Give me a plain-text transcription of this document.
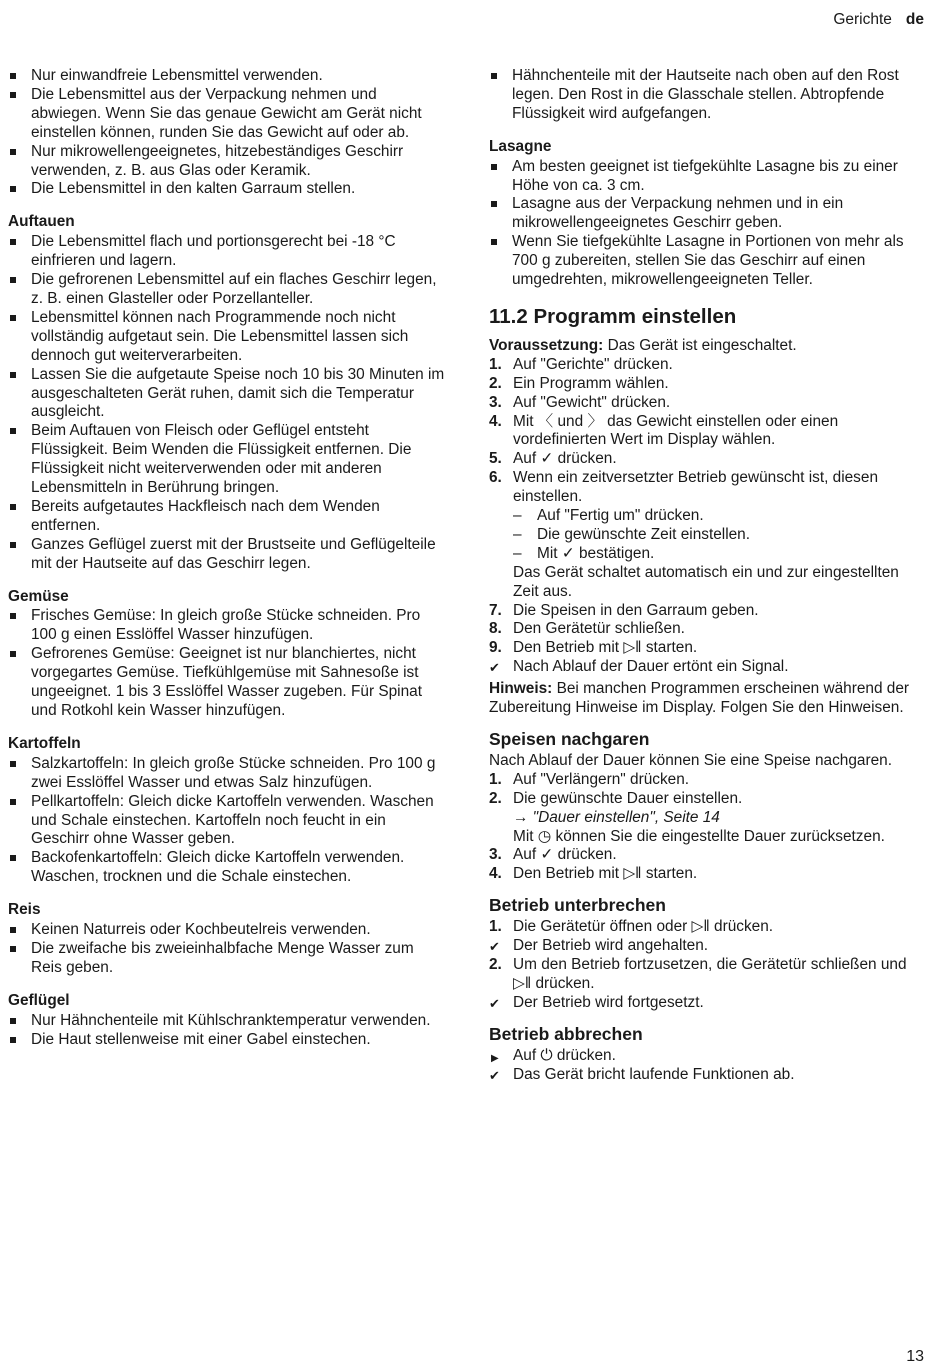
Gerichte de
Nur einwandfreie Lebensmittel verwenden.
Die Lebensmittel aus der Verpackung nehmen und abwiegen. Wenn Sie das genaue Gewicht am Gerät nicht einstellen können, runden Sie das Gewicht auf oder ab.
Nur mikrowellengeeignetes, hitzebeständiges Geschirr verwenden, z. B. aus Glas oder Keramik.
Die Lebensmittel in den kalten Garraum stellen.
Auftauen
Die Lebensmittel flach und portionsgerecht bei -18 °C einfrieren und lagern.
Die gefrorenen Lebensmittel auf ein flaches Geschirr legen, z. B. einen Glasteller oder Porzellanteller.
Lebensmittel können nach Programmende noch nicht vollständig aufgetaut sein. Die Lebensmittel lassen sich dennoch gut weiterverarbeiten.
Lassen Sie die aufgetaute Speise noch 10 bis 30 Minuten im ausgeschalteten Gerät ruhen, damit sich die Temperatur ausgleicht.
Beim Auftauen von Fleisch oder Geflügel entsteht Flüssigkeit. Beim Wenden die Flüssigkeit entfernen. Die Flüssigkeit nicht weiterverwenden oder mit anderen Lebensmitteln in Berührung bringen.
Bereits aufgetautes Hackfleisch nach dem Wenden entfernen.
Ganzes Geflügel zuerst mit der Brustseite und Geflügelteile mit der Hautseite auf das Geschirr legen.
Gemüse
Frisches Gemüse: In gleich große Stücke schneiden. Pro 100 g einen Esslöffel Wasser hinzufügen.
Gefrorenes Gemüse: Geeignet ist nur blanchiertes, nicht vorgegartes Gemüse. Tiefkühlgemüse mit Sahnesoße ist ungeeignet. 1 bis 3 Esslöffel Wasser zugeben. Für Spinat und Rotkohl kein Wasser hinzufügen.
Kartoffeln
Salzkartoffeln: In gleich große Stücke schneiden. Pro 100 g zwei Esslöffel Wasser und etwas Salz hinzufügen.
Pellkartoffeln: Gleich dicke Kartoffeln verwenden. Waschen und Schale einstechen. Kartoffeln noch feucht in ein Geschirr ohne Wasser geben.
Backofenkartoffeln: Gleich dicke Kartoffeln verwenden. Waschen, trocknen und die Schale einstechen.
Reis
Keinen Naturreis oder Kochbeutelreis verwenden.
Die zweifache bis zweieinhalbfache Menge Wasser zum Reis geben.
Geflügel
Nur Hähnchenteile mit Kühlschranktemperatur verwenden.
Die Haut stellenweise mit einer Gabel einstechen.
Hähnchenteile mit der Hautseite nach oben auf den Rost legen. Den Rost in die Glasschale stellen. Abtropfende Flüssigkeit wird aufgefangen.
Lasagne
Am besten geeignet ist tiefgekühlte Lasagne bis zu einer Höhe von ca. 3 cm.
Lasagne aus der Verpackung nehmen und in ein mikrowellengeeignetes Geschirr geben.
Wenn Sie tiefgekühlte Lasagne in Portionen von mehr als 700 g zubereiten, stellen Sie das Geschirr auf einen umgedrehten, mikrowellengeeigneten Teller.
11.2 Programm einstellen

Voraussetzung: Das Gerät ist eingeschaltet.

1. Auf "Gerichte" drücken.
2. Ein Programm wählen.
3. Auf "Gewicht" drücken.
4. Mit 〈 und 〉 das Gewicht einstellen oder einen vordefinierten Wert im Display wählen.
5. Auf ✓ drücken.
6. Wenn ein zeitversetzter Betrieb gewünscht ist, diesen einstellen.
– Auf "Fertig um" drücken.
– Die gewünschte Zeit einstellen.
– Mit ✓ bestätigen.

Das Gerät schaltet automatisch ein und zur eingestellten Zeit aus.

7. Die Speisen in den Garraum geben.
8. Den Gerätetür schließen.
9. Den Betrieb mit ▷‖ starten.
✔ Nach Ablauf der Dauer ertönt ein Signal.

Hinweis: Bei manchen Programmen erscheinen während der Zubereitung Hinweise im Display. Folgen Sie den Hinweisen.

Speisen nachgaren

Nach Ablauf der Dauer können Sie eine Speise nachgaren.

1. Auf "Verlängern" drücken.
2. Die gewünschte Dauer einstellen.
→ "Dauer einstellen", Seite 14
Mit ◷ können Sie die eingestellte Dauer zurücksetzen.
3. Auf ✓ drücken.
4. Den Betrieb mit ▷‖ starten.
Betrieb unterbrechen
1. Die Gerätetür öffnen oder ▷‖ drücken.
✔ Der Betrieb wird angehalten.
2. Um den Betrieb fortzusetzen, die Gerätetür schließen und ▷‖ drücken.
✔ Der Betrieb wird fortgesetzt.
Betrieb abbrechen
▶ Auf ⏻ drücken.
✔ Das Gerät bricht laufende Funktionen ab.
13
